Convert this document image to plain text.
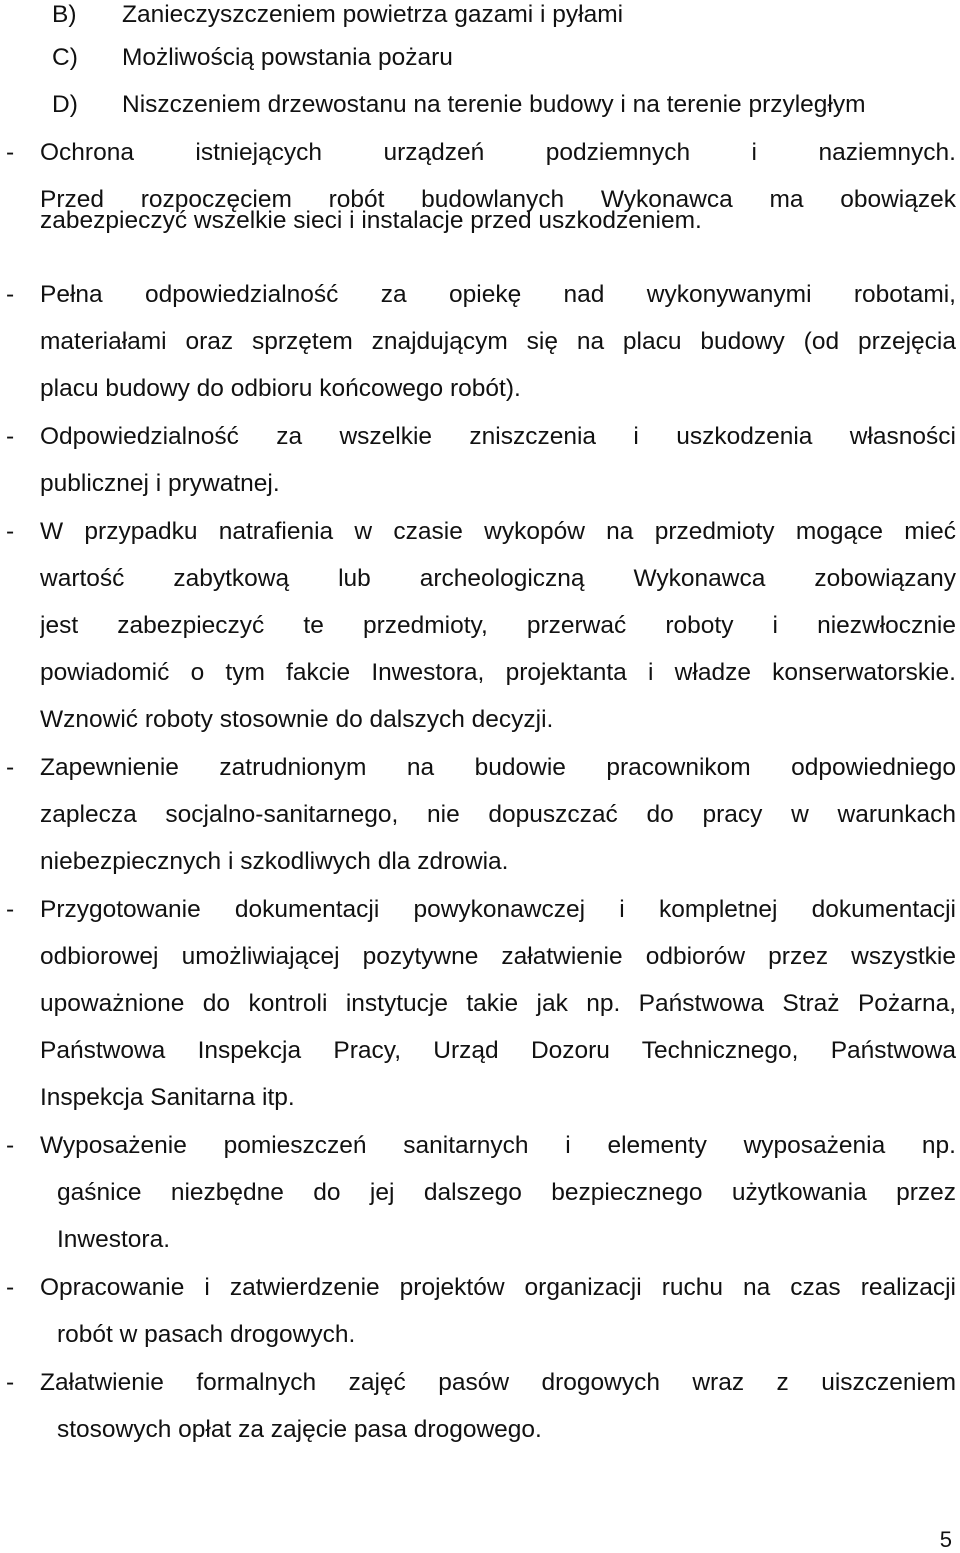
B) Zanieczyszczeniem powietrza gazami i pyłami
C) Możliwością powstania pożaru
D) Niszczeniem drzewostanu na terenie budowy i na terenie przyległym
- Ochrona istniejących urządzeń podziemnych i naziemnych.
Przed rozpoczęciem robót budowlanych Wykonawca ma obowiązek
zabezpieczyć wszelkie sieci i instalacje przed uszkodzeniem.
- Pełna odpowiedzialność za opiekę nad wykonywanymi robotami,
materiałami oraz sprzętem znajdującym się na placu budowy (od przejęcia
placu budowy do odbioru końcowego robót).
- Odpowiedzialność za wszelkie zniszczenia i uszkodzenia własności
publicznej i prywatnej.
- W przypadku natrafienia w czasie wykopów na przedmioty mogące mieć
wartość zabytkową lub archeologiczną Wykonawca zobowiązany
jest zabezpieczyć te przedmioty, przerwać roboty i niezwłocznie
powiadomić o tym fakcie Inwestora, projektanta i władze konserwatorskie.
Wznowić roboty stosownie do dalszych decyzji.
- Zapewnienie zatrudnionym na budowie pracownikom odpowiedniego
zaplecza socjalno-sanitarnego, nie dopuszczać do pracy w warunkach
niebezpiecznych i szkodliwych dla zdrowia.
- Przygotowanie dokumentacji powykonawczej i kompletnej dokumentacji
odbiorowej umożliwiającej pozytywne załatwienie odbiorów przez wszystkie
upoważnione do kontroli instytucje takie jak np. Państwowa Straż Pożarna,
Państwowa Inspekcja Pracy, Urząd Dozoru Technicznego, Państwowa
Inspekcja Sanitarna itp.
- Wyposażenie pomieszczeń sanitarnych i elementy wyposażenia np.
gaśnice niezbędne do jej dalszego bezpiecznego użytkowania przez
Inwestora.
- Opracowanie i zatwierdzenie projektów organizacji ruchu na czas realizacji
robót w pasach drogowych.
- Załatwienie formalnych zajęć pasów drogowych wraz z uiszczeniem
stosowych opłat za zajęcie pasa drogowego.
5
